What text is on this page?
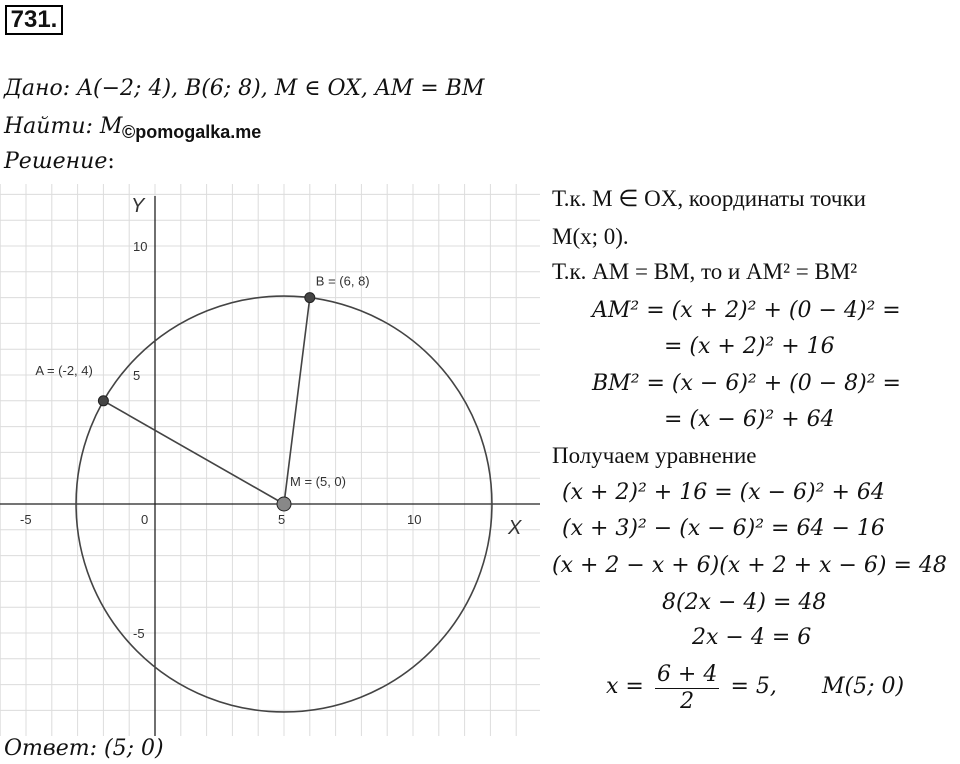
731.
Дано: A(−2; 4), B(6; 8), M ∈ OX, AM = BM
Найти: M ©pomogalka.me
Решение:
-5	0	5	10
10
5
-5
A = (-2, 4)
B = (6, 8)
M = (5, 0)
X
Y	Т.к. M ∈ OX, координаты точки
M(x; 0).
Т.к. AM = BM, то и AM² = BM²
AM² = (x + 2)² + (0 − 4)² =
= (x + 2)² + 16
BM² = (x − 6)² + (0 − 8)² =
= (x − 6)² + 64
Получаем уравнение
(x + 2)² + 16 = (x − 6)² + 64
(x + 3)² − (x − 6)² = 64 − 16
(x + 2 − x + 6)(x + 2 + x − 6) = 48
8(2x − 4) = 48
2x − 4 = 6
$x = \frac{6 + 4}{2} = 5$, M(5; 0)
Ответ: (5; 0)
